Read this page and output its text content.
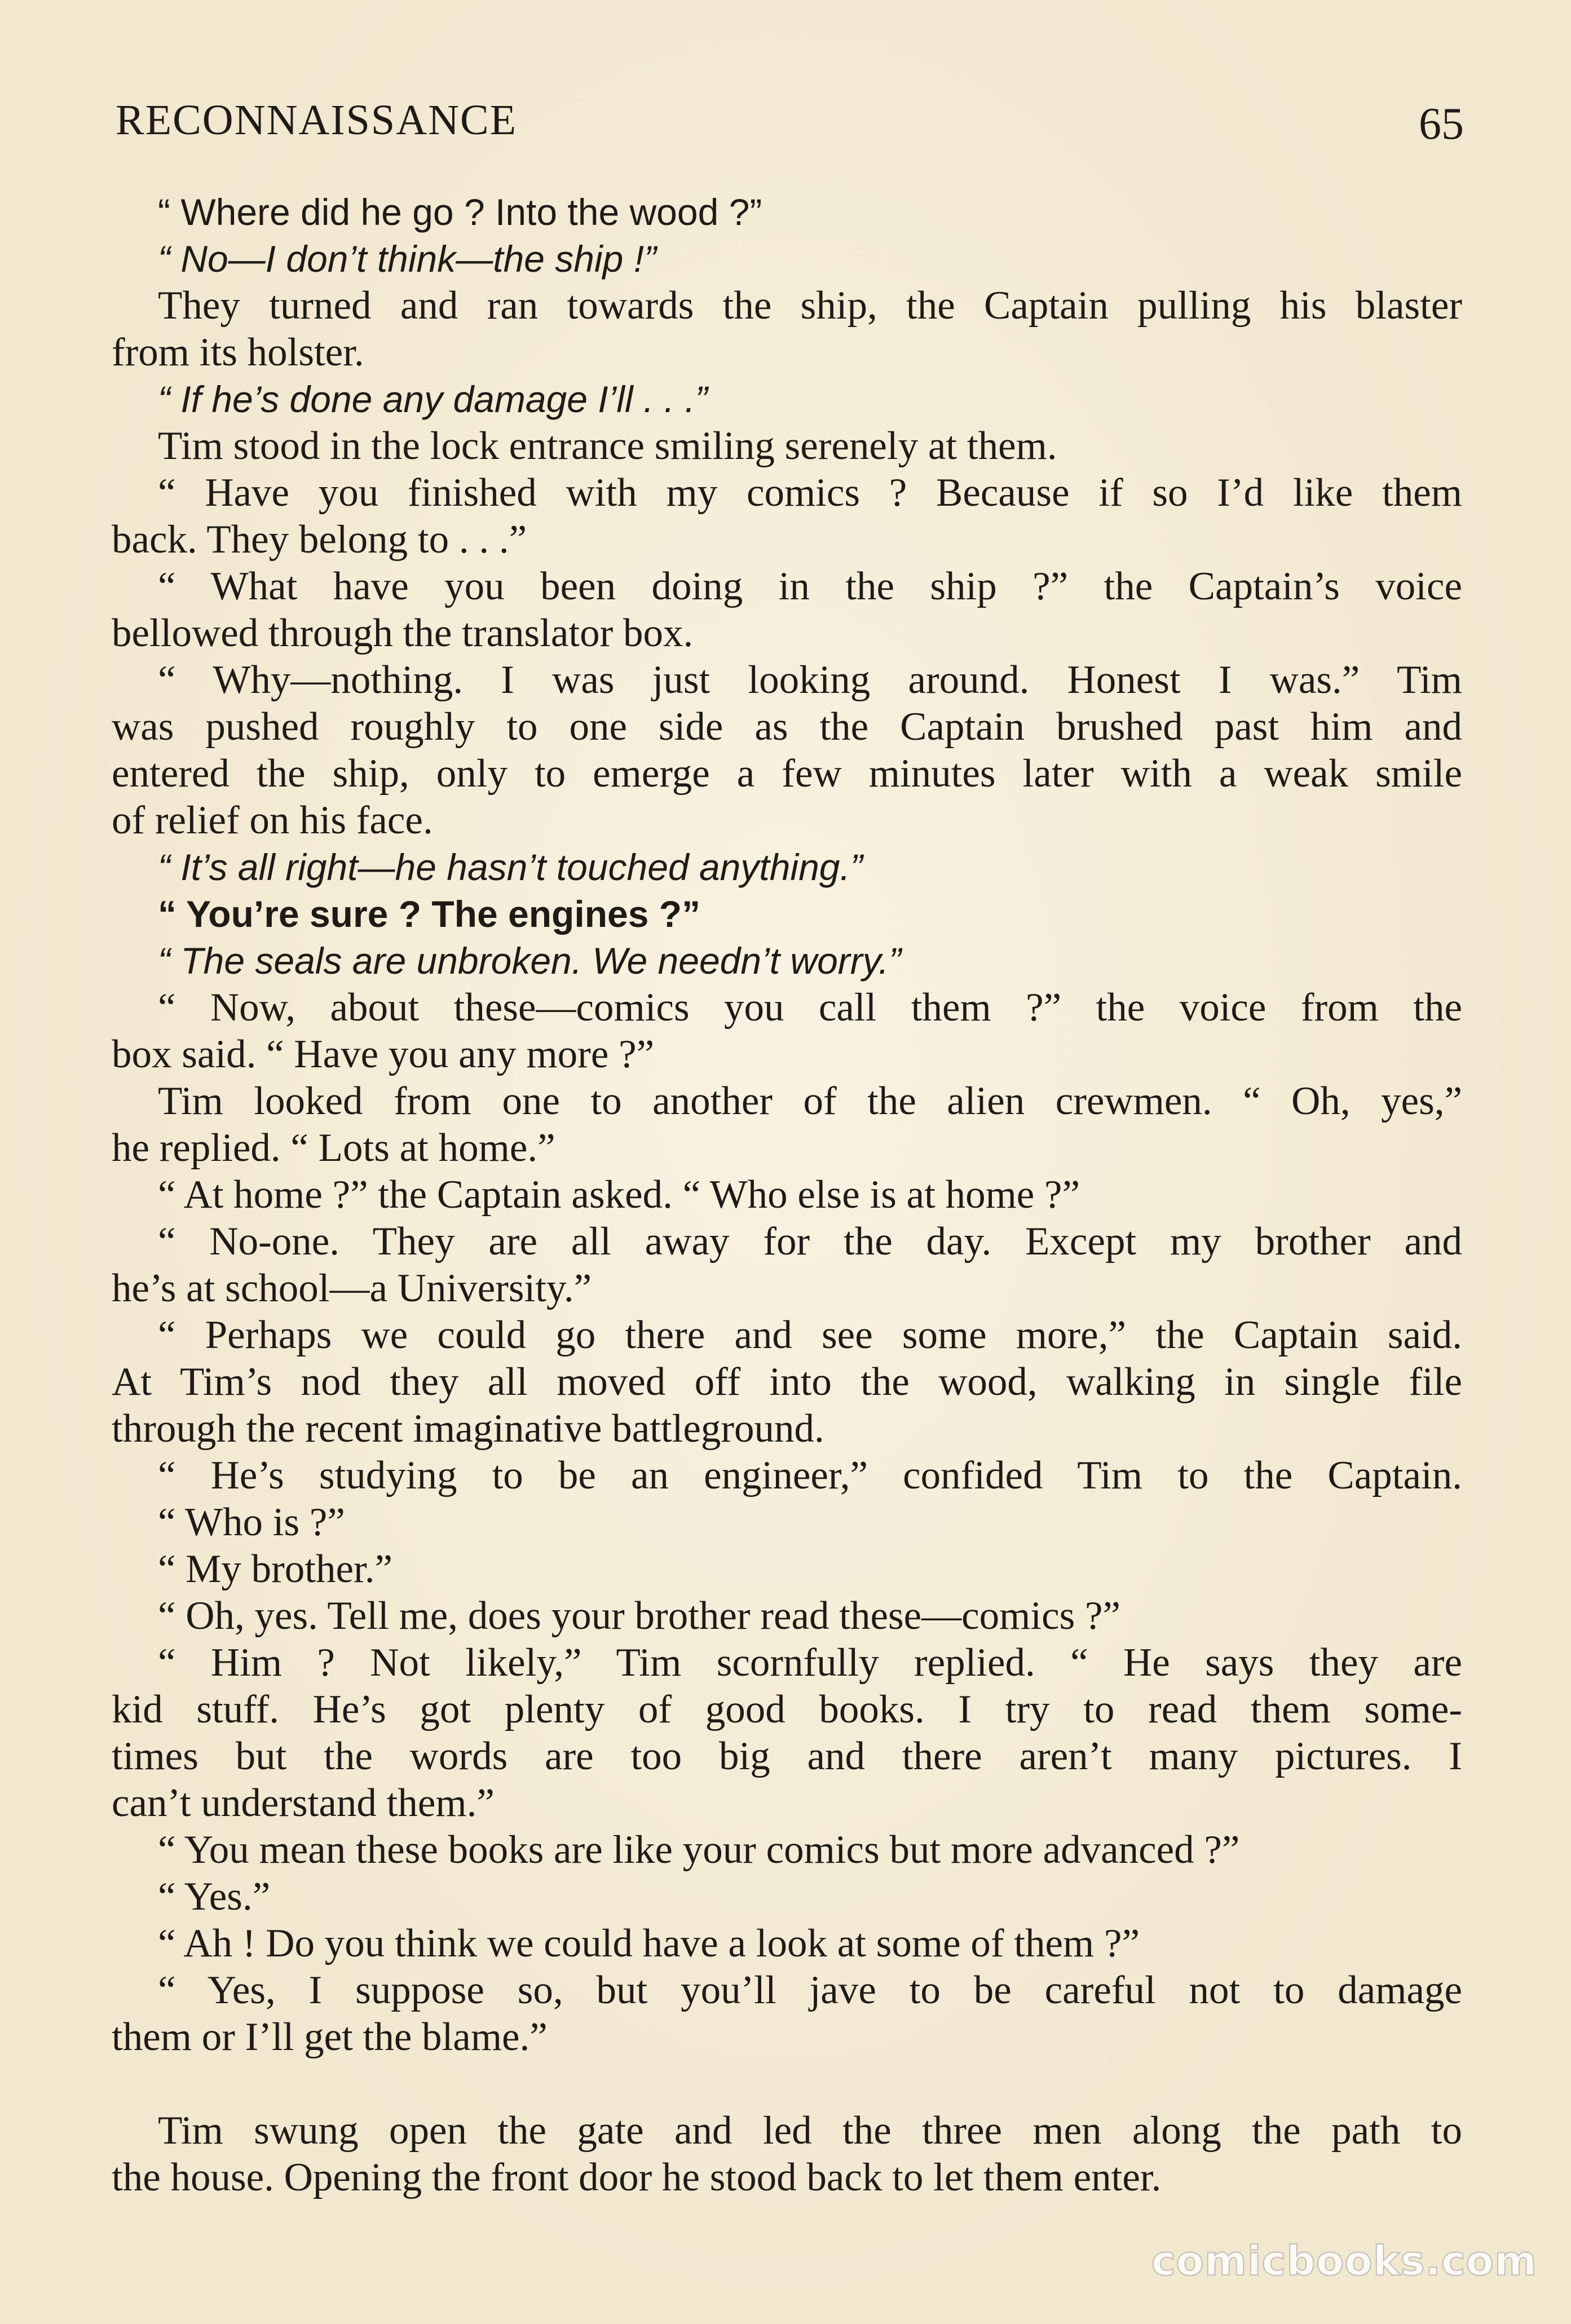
RECONNAISSANCE	65
“ Where did he go ? Into the wood ?”
“ No—I don’t think—the ship !”
They turned and ran towards the ship, the Captain pulling his blaster
from its holster.
“ If he’s done any damage I’ll . . .”
Tim stood in the lock entrance smiling serenely at them.
“ Have you finished with my comics ? Because if so I’d like them
back. They belong to . . .”
“ What have you been doing in the ship ?” the Captain’s voice
bellowed through the translator box.
“ Why—nothing. I was just looking around. Honest I was.” Tim
was pushed roughly to one side as the Captain brushed past him and
entered the ship, only to emerge a few minutes later with a weak smile
of relief on his face.
“ It’s all right—he hasn’t touched anything.”
“ You’re sure ? The engines ?”
“ The seals are unbroken. We needn’t worry.”
“ Now, about these—comics you call them ?” the voice from the
box said. “ Have you any more ?”
Tim looked from one to another of the alien crewmen. “ Oh, yes,”
he replied. “ Lots at home.”
“ At home ?” the Captain asked. “ Who else is at home ?”
“ No-one. They are all away for the day. Except my brother and
he’s at school—a University.”
“ Perhaps we could go there and see some more,” the Captain said.
At Tim’s nod they all moved off into the wood, walking in single file
through the recent imaginative battleground.
“ He’s studying to be an engineer,” confided Tim to the Captain.
“ Who is ?”
“ My brother.”
“ Oh, yes. Tell me, does your brother read these—comics ?”
“ Him ? Not likely,” Tim scornfully replied. “ He says they are
kid stuff. He’s got plenty of good books. I try to read them some-
times but the words are too big and there aren’t many pictures. I
can’t understand them.”
“ You mean these books are like your comics but more advanced ?”
“ Yes.”
“ Ah ! Do you think we could have a look at some of them ?”
“ Yes, I suppose so, but you’ll jave to be careful not to damage
them or I’ll get the blame.”
Tim swung open the gate and led the three men along the path to
the house. Opening the front door he stood back to let them enter.
comicbooks.com
